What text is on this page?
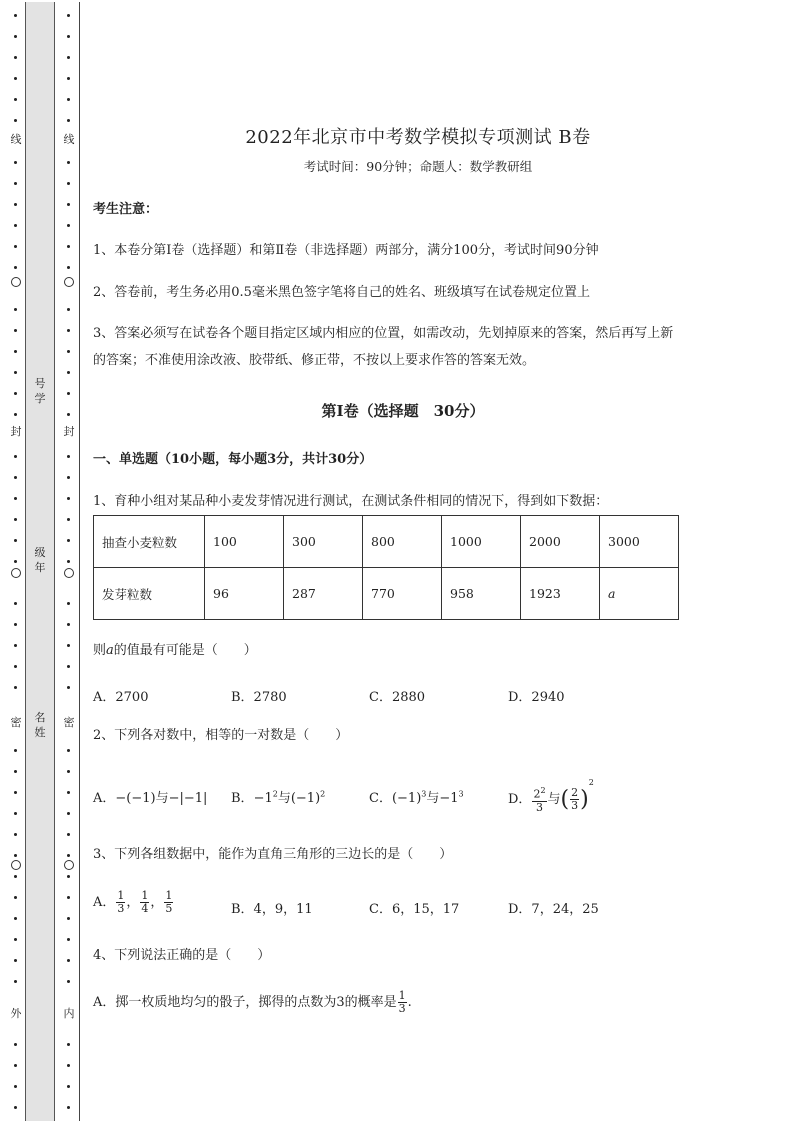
线
封
密
外
线
封
密
内
号学
级年
名姓
2022年北京市中考数学模拟专项测试 B卷
考试时间：90分钟；命题人：数学教研组
考生注意：
1、本卷分第I卷（选择题）和第Ⅱ卷（非选择题）两部分，满分100分，考试时间90分钟
2、答卷前，考生务必用0.5毫米黑色签字笔将自己的姓名、班级填写在试卷规定位置上
3、答案必须写在试卷各个题目指定区域内相应的位置，如需改动，先划掉原来的答案，然后再写上新
的答案；不准使用涂改液、胶带纸、修正带，不按以上要求作答的答案无效。
第I卷（选择题　30分）
一、单选题（10小题，每小题3分，共计30分）
1、育种小组对某品种小麦发芽情况进行测试，在测试条件相同的情况下，得到如下数据：
抽查小麦粒数	100	300	800	1000	2000	3000
发芽粒数	96	287	770	958	1923	a
则a的值最有可能是（　　）
A．2700	B．2780	C．2880	D．2940
2、下列各对数中，相等的一对数是（　　）
A．−(−1)与−|−1| B．$-1^2$与$(-1)^2$	C．$(-1)^3$与$-1^3$	D． $\frac{2^2}{3}$ 与( $\frac{2}{3} )^2$
3、下列各组数据中，能作为直角三角形的三边长的是（　　）
A． $\frac{1}{3}$ ， $\frac{1}{4}$ ， $\frac{1}{5}$	B．4，9，11	C．6，15，17	D．7，24，25
4、下列说法正确的是（　　）
A．掷一枚质地均匀的骰子，掷得的点数为3的概率是 $\frac{1}{3}$ .
